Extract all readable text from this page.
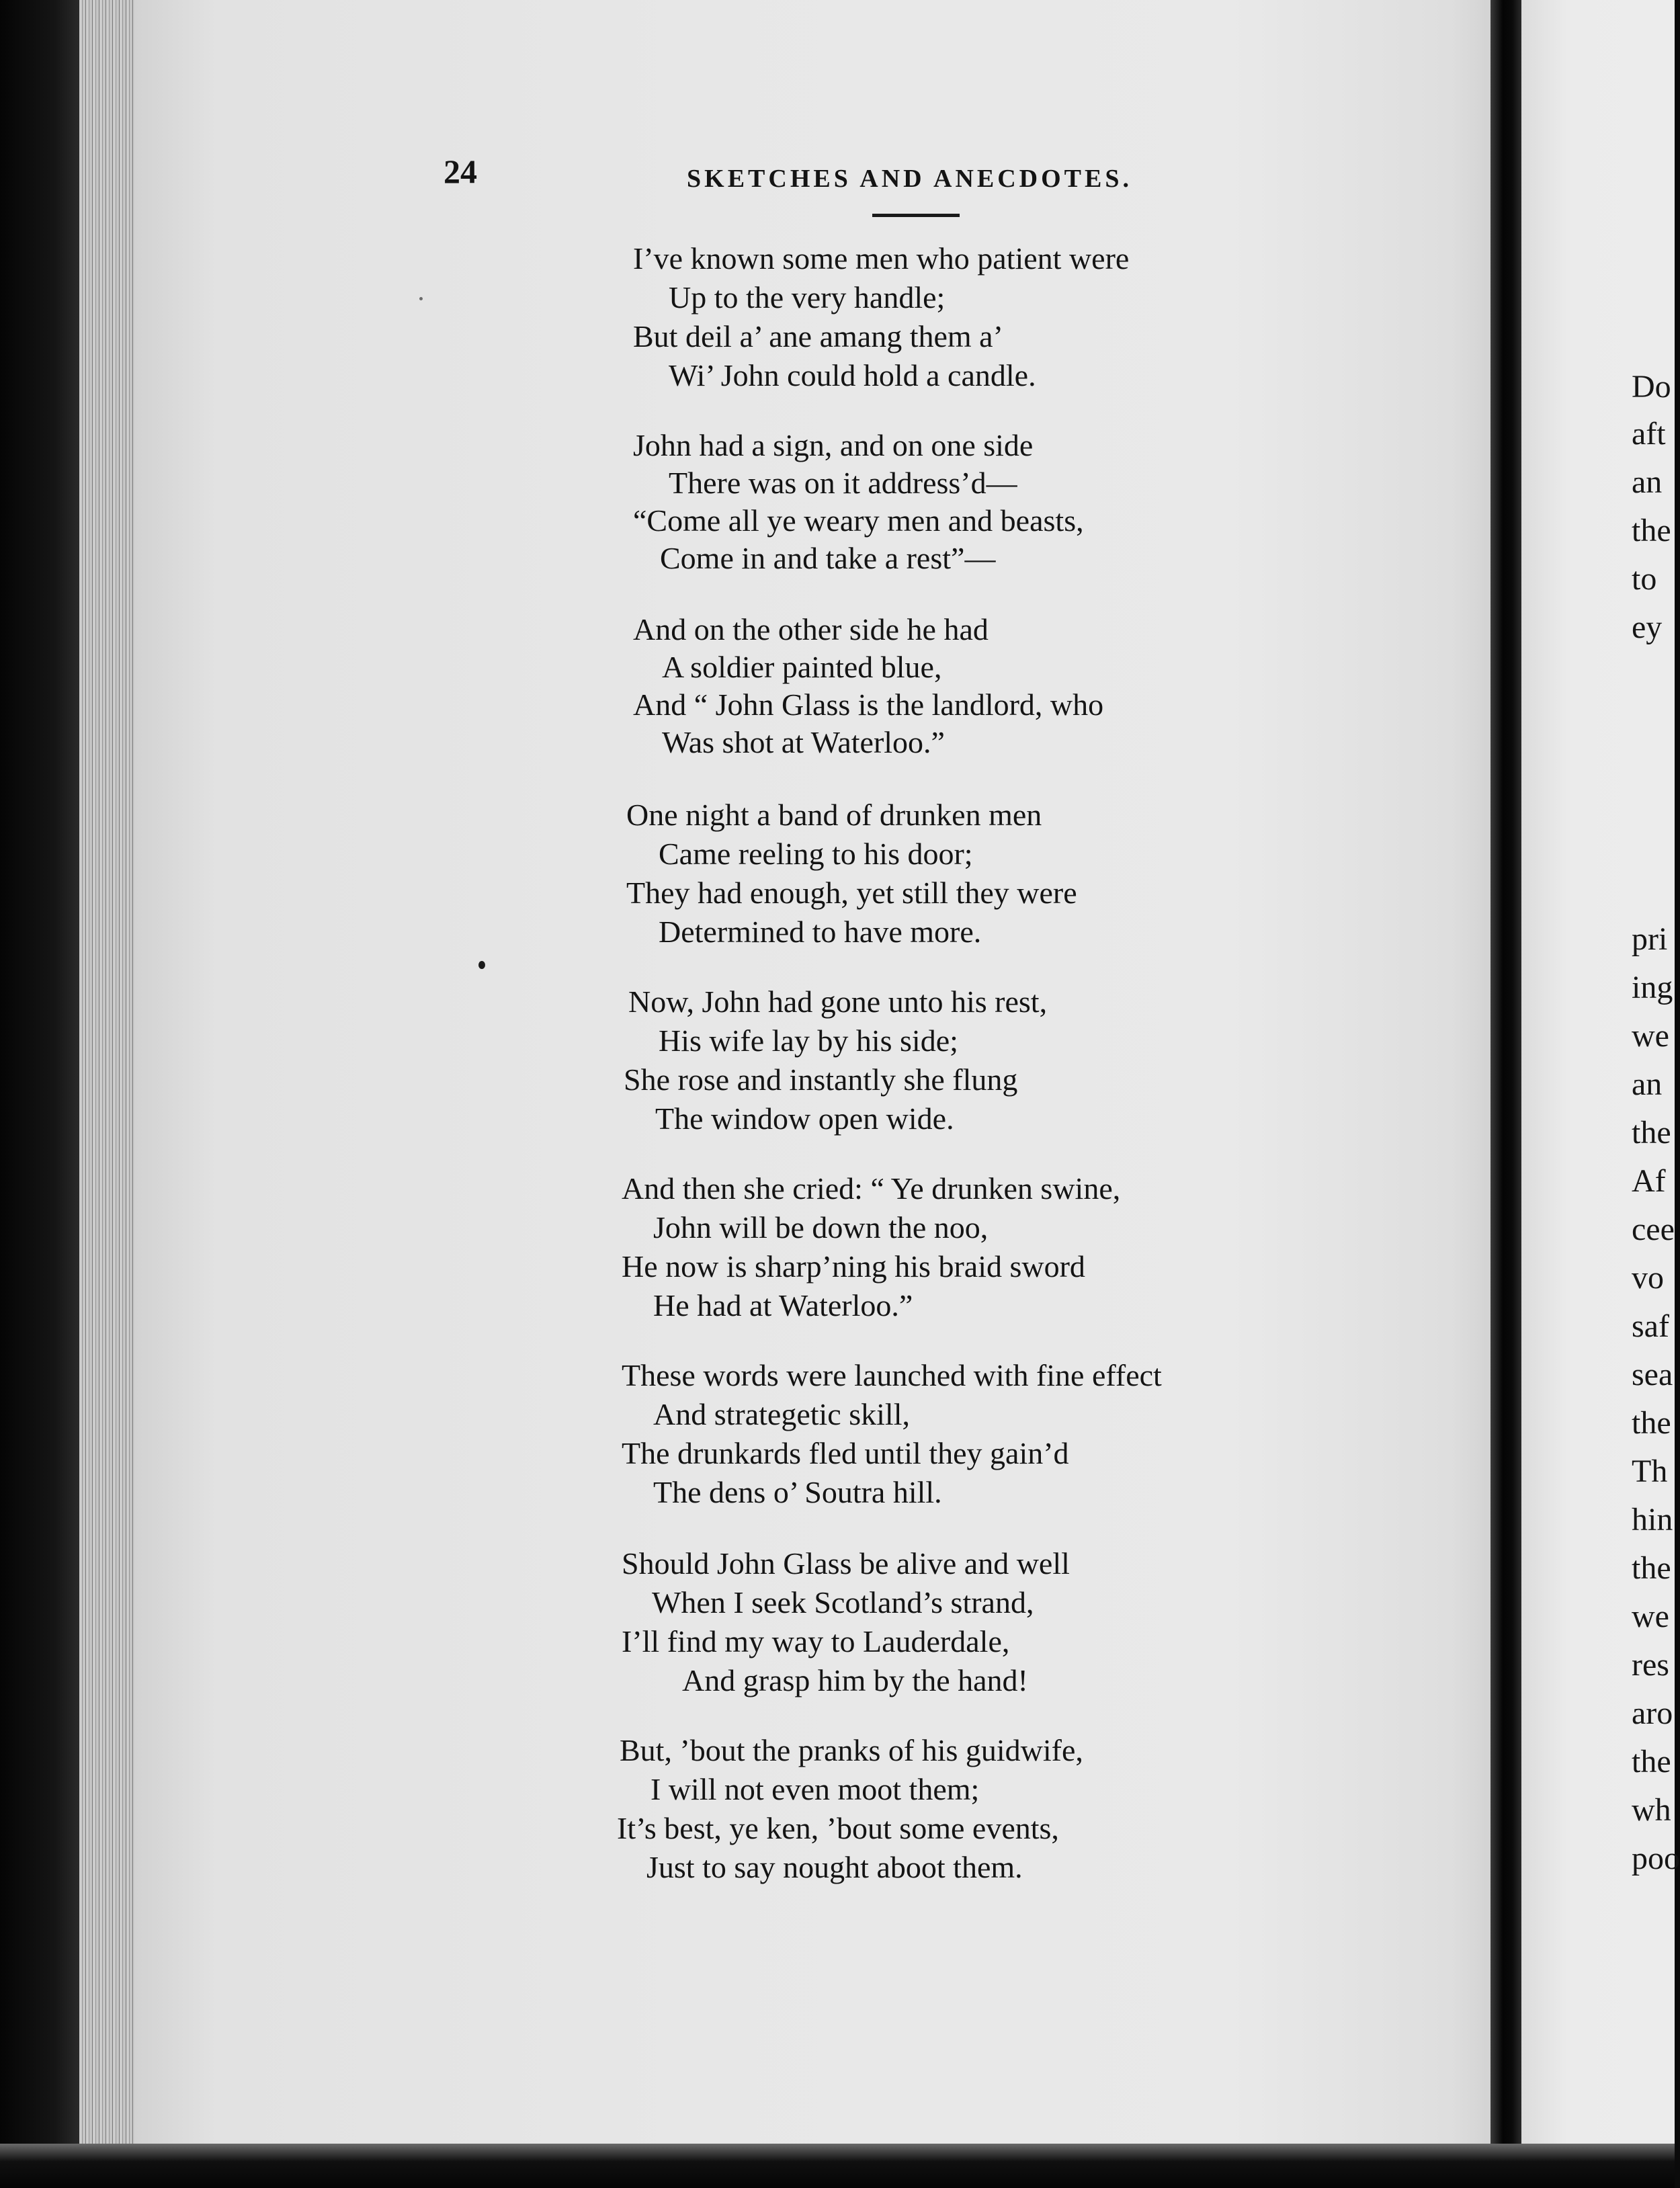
24	SKETCHES AND ANECDOTES.
I’ve known some men who patient were
Up to the very handle;
But deil a’ ane amang them a’
Wi’ John could hold a candle.
John had a sign, and on one side
There was on it address’d—
“Come all ye weary men and beasts,
Come in and take a rest”—
And on the other side he had
A soldier painted blue,
And “ John Glass is the landlord, who
Was shot at Waterloo.”
One night a band of drunken men
Came reeling to his door;
They had enough, yet still they were
Determined to have more.
Now, John had gone unto his rest,
His wife lay by his side;
She rose and instantly she flung
The window open wide.
And then she cried: “ Ye drunken swine,
John will be down the noo,
He now is sharp’ning his braid sword
He had at Waterloo.”
These words were launched with fine effect
And strategetic skill,
The drunkards fled until they gain’d
The dens o’ Soutra hill.
Should John Glass be alive and well
When I seek Scotland’s strand,
I’ll find my way to Lauderdale,
And grasp him by the hand!
But, ’bout the pranks of his guidwife,
I will not even moot them;
It’s best, ye ken, ’bout some events,
Just to say nought aboot them.
Do
aft
an
the
to
ey
pri
ing
we
an
the
Af
cee
vo
saf
sea
the
Th
hin
the
we
res
aro
the
wh
poo
